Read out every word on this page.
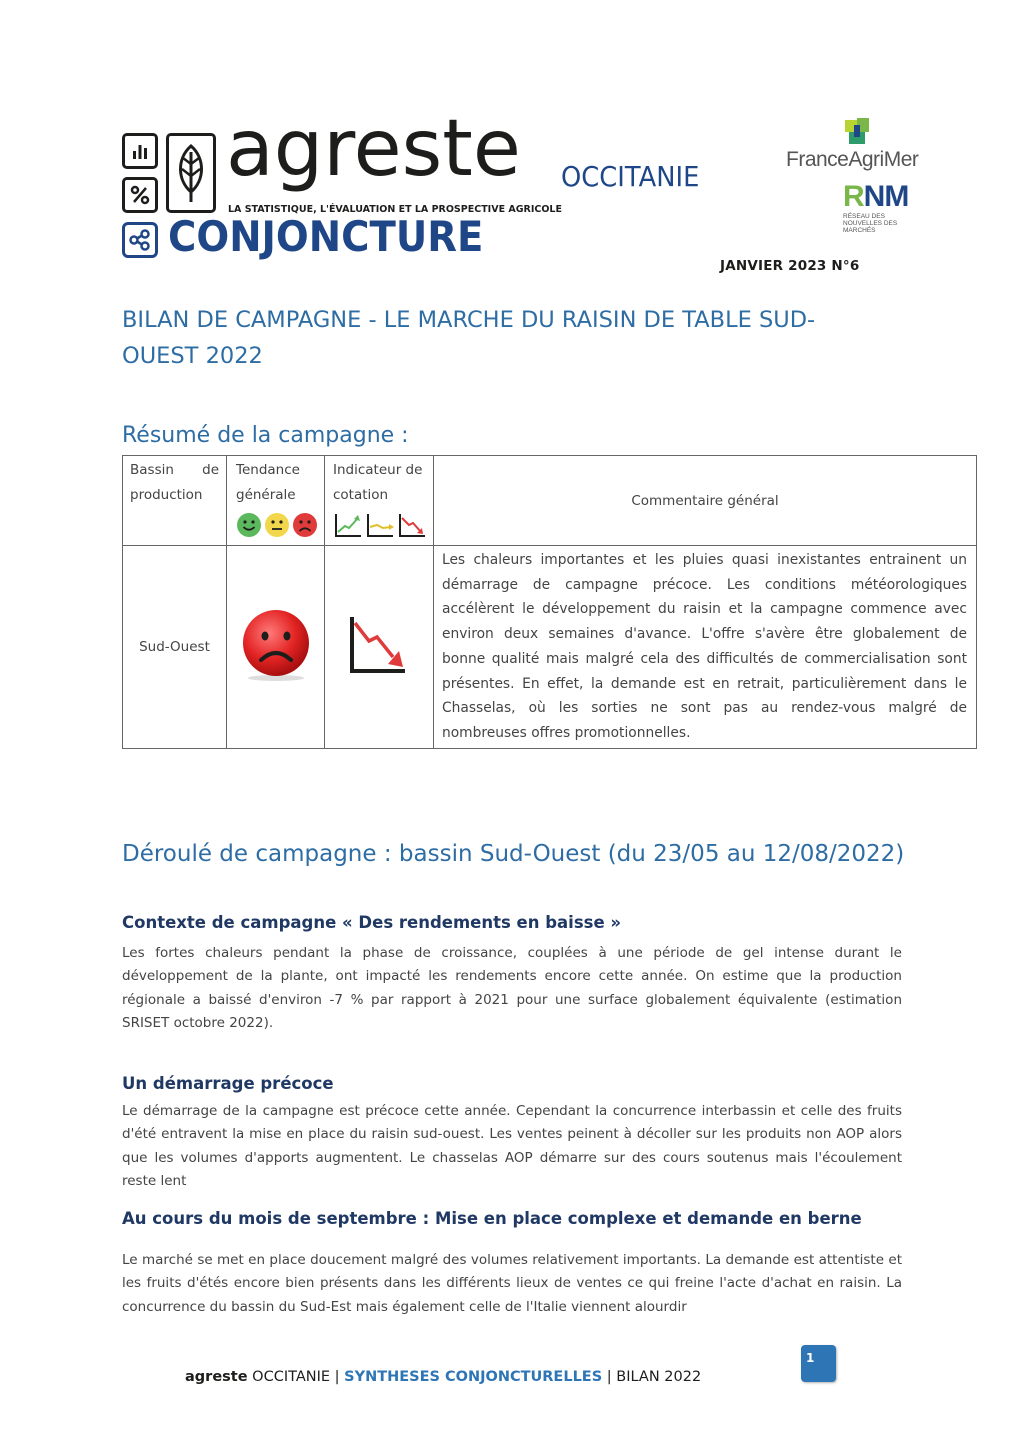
agreste
LA STATISTIQUE, L'ÉVALUATION ET LA PROSPECTIVE AGRICOLE
CONJONCTURE
OCCITANIE
FranceAgriMer
RNM
RÉSEAU DES NOUVELLES DES MARCHÉS
JANVIER 2023 N°6
BILAN DE CAMPAGNE - LE MARCHE DU RAISIN DE TABLE SUD-OUEST 2022
Résumé de la campagne :
Bassin de production	Tendance générale	Indicateur de cotation	Commentaire général
Sud-Ouest			Les chaleurs importantes et les pluies quasi inexistantes entrainent un démarrage de campagne précoce. Les conditions météorologiques accélèrent le développement du raisin et la campagne commence avec environ deux semaines d'avance. L'offre s'avère être globalement de bonne qualité mais malgré cela des difficultés de commercialisation sont présentes. En effet, la demande est en retrait, particulièrement dans le Chasselas, où les sorties ne sont pas au rendez-vous malgré de nombreuses offres promotionnelles.
Déroulé de campagne : bassin Sud-Ouest (du 23/05 au 12/08/2022)
Contexte de campagne « Des rendements en baisse »
Les fortes chaleurs pendant la phase de croissance, couplées à une période de gel intense durant le développement de la plante, ont impacté les rendements encore cette année. On estime que la production régionale a baissé d'environ -7 % par rapport à 2021 pour une surface globalement équivalente (estimation SRISET octobre 2022).
Un démarrage précoce
Le démarrage de la campagne est précoce cette année. Cependant la concurrence interbassin et celle des fruits d'été entravent la mise en place du raisin sud-ouest. Les ventes peinent à décoller sur les produits non AOP alors que les volumes d'apports augmentent. Le chasselas AOP démarre sur des cours soutenus mais l'écoulement reste lent
Au cours du mois de septembre : Mise en place complexe et demande en berne
Le marché se met en place doucement malgré des volumes relativement importants. La demande est attentiste et les fruits d'étés encore bien présents dans les différents lieux de ventes ce qui freine l'acte d'achat en raisin. La concurrence du bassin du Sud-Est mais également celle de l'Italie viennent alourdir
agreste OCCITANIE | SYNTHESES CONJONCTURELLES | BILAN 2022
1
